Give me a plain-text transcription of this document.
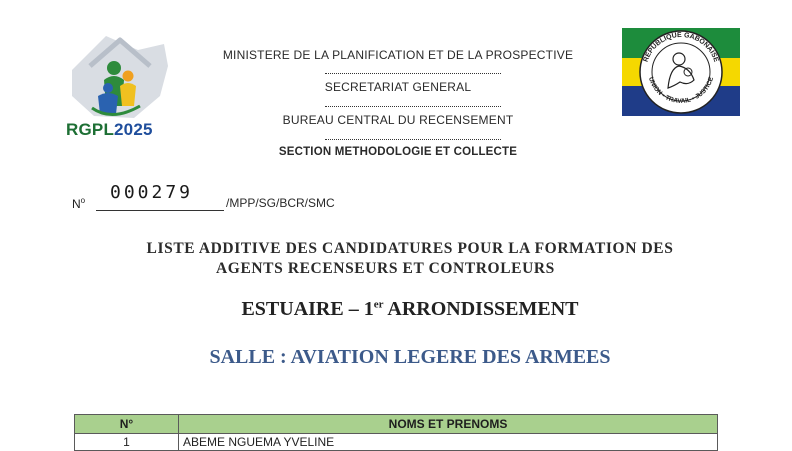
RGPL2025
MINISTERE DE LA PLANIFICATION ET DE LA PROSPECTIVE
SECRETARIAT GENERAL
BUREAU CENTRAL DU RECENSEMENT
SECTION METHODOLOGIE ET COLLECTE
RÉPUBLIQUE GABONAISE
UNION • TRAVAIL • JUSTICE
$N^o$ 000279	/MPP/SG/BCR/SMC
LISTE ADDITIVE DES CANDIDATURES POUR LA FORMATION DES
AGENTS RECENSEURS ET CONTROLEURS
ESTUAIRE – 1er ARRONDISSEMENT
SALLE : AVIATION LEGERE DES ARMEES
N°	NOMS ET PRENOMS
1	ABEME NGUEMA YVELINE
